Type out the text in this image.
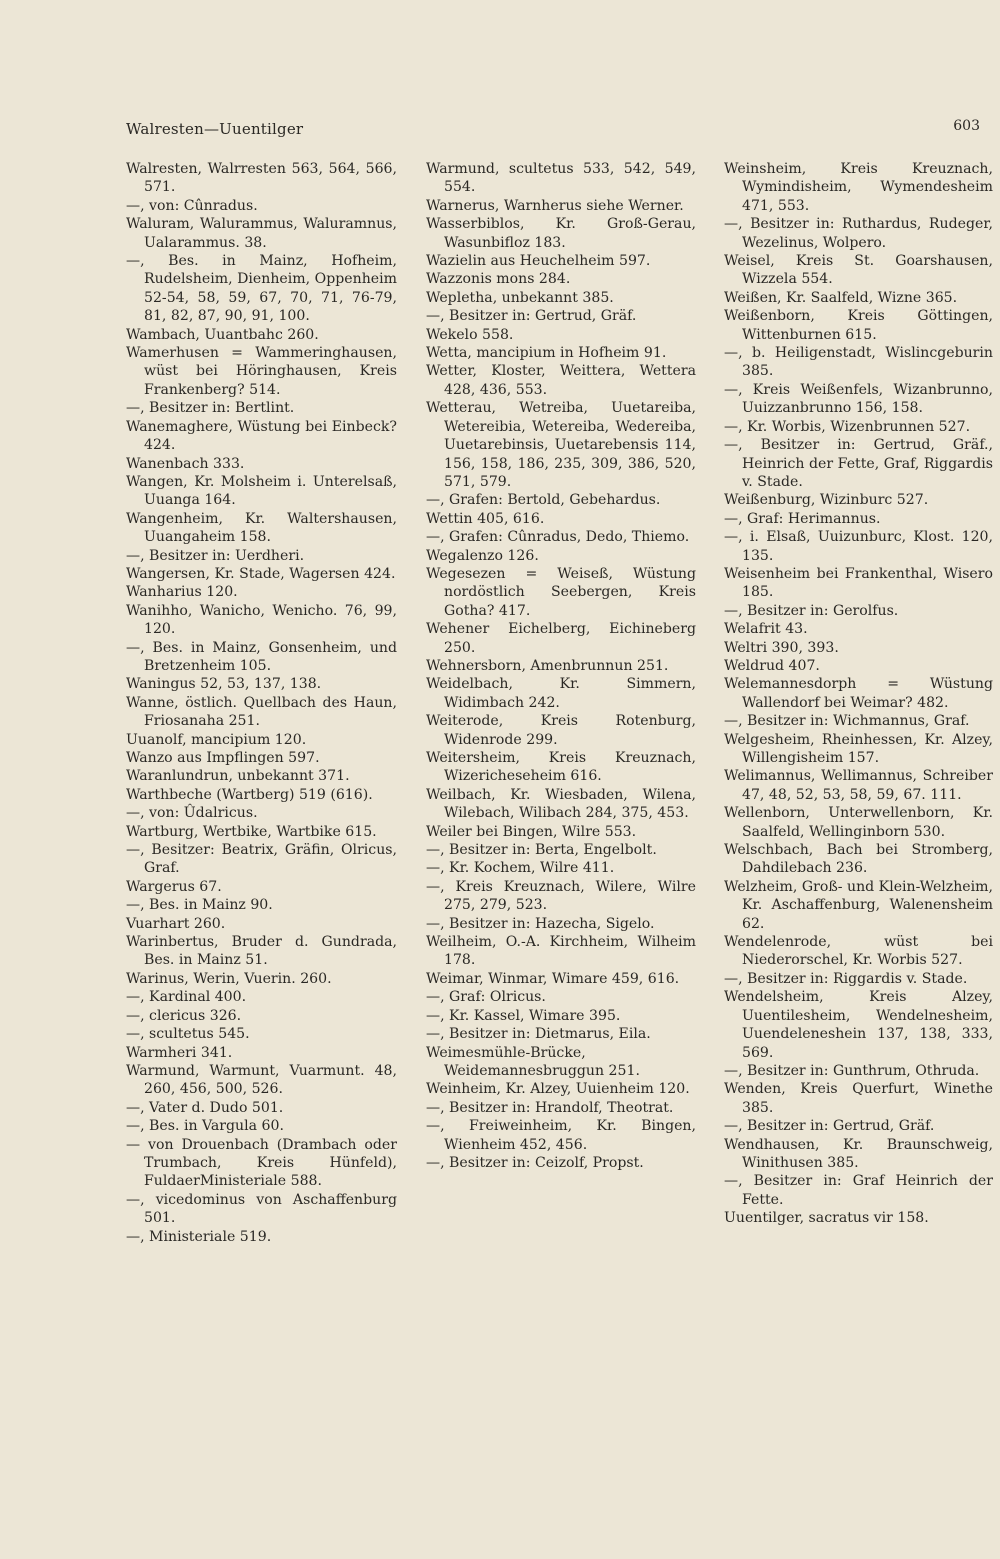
Walresten—Uuentilger	603

Walresten, Walrresten 563, 564, 566, 571.

—, von: Cûnradus.

Waluram, Walurammus, Waluramnus, Ualarammus. 38.

—, Bes. in Mainz, Hofheim, Rudelsheim, Dienheim, Oppenheim 52-54, 58, 59, 67, 70, 71, 76-79, 81, 82, 87, 90, 91, 100.

Wambach, Uuantbahc 260.

Wamerhusen = Wammeringhausen, wüst bei Höringhausen, Kreis Frankenberg? 514.

—, Besitzer in: Bertlint.

Wanemaghere, Wüstung bei Einbeck? 424.

Wanenbach 333.

Wangen, Kr. Molsheim i. Unterelsaß, Uuanga 164.

Wangenheim, Kr. Waltershausen, Uuangaheim 158.

—, Besitzer in: Uerdheri.

Wangersen, Kr. Stade, Wagersen 424.

Wanharius 120.

Wanihho, Wanicho, Wenicho. 76, 99, 120.

—, Bes. in Mainz, Gonsenheim, und Bretzenheim 105.

Waningus 52, 53, 137, 138.

Wanne, östlich. Quellbach des Haun, Friosanaha 251.

Uuanolf, mancipium 120.

Wanzo aus Impflingen 597.

Waranlundrun, unbekannt 371.

Warthbeche (Wartberg) 519 (616).

—, von: Ûdalricus.

Wartburg, Wertbike, Wartbike 615.

—, Besitzer: Beatrix, Gräfin, Olricus, Graf.

Wargerus 67.

—, Bes. in Mainz 90.

Vuarhart 260.

Warinbertus, Bruder d. Gundrada, Bes. in Mainz 51.

Warinus, Werin, Vuerin. 260.

—, Kardinal 400.

—, clericus 326.

—, scultetus 545.

Warmheri 341.

Warmund, Warmunt, Vuarmunt. 48, 260, 456, 500, 526.

—, Vater d. Dudo 501.

—, Bes. in Vargula 60.

— von Drouenbach (Drambach oder Trumbach, Kreis Hünfeld), FuldaerMinisteriale 588.

—, vicedominus von Aschaffenburg 501.

—, Ministeriale 519.

Warmund, scultetus 533, 542, 549, 554.

Warnerus, Warnherus siehe Werner.

Wasserbiblos, Kr. Groß-Gerau, Wasunbifloz 183.

Wazielin aus Heuchelheim 597.

Wazzonis mons 284.

Wepletha, unbekannt 385.

—, Besitzer in: Gertrud, Gräf.

Wekelo 558.

Wetta, mancipium in Hofheim 91.

Wetter, Kloster, Weittera, Wettera 428, 436, 553.

Wetterau, Wetreiba, Uuetareiba, Wetereibia, Wetereiba, Wedereiba, Uuetarebinsis, Uuetarebensis 114, 156, 158, 186, 235, 309, 386, 520, 571, 579.

—, Grafen: Bertold, Gebehardus.

Wettin 405, 616.

—, Grafen: Cûnradus, Dedo, Thiemo.

Wegalenzo 126.

Wegesezen = Weiseß, Wüstung nordöstlich Seebergen, Kreis Gotha? 417.

Wehener Eichelberg, Eichineberg 250.

Wehnersborn, Amenbrunnun 251.

Weidelbach, Kr. Simmern, Widimbach 242.

Weiterode, Kreis Rotenburg, Widenrode 299.

Weitersheim, Kreis Kreuznach, Wizericheseheim 616.

Weilbach, Kr. Wiesbaden, Wilena, Wilebach, Wilibach 284, 375, 453.

Weiler bei Bingen, Wilre 553.

—, Besitzer in: Berta, Engelbolt.

—, Kr. Kochem, Wilre 411.

—, Kreis Kreuznach, Wilere, Wilre 275, 279, 523.

—, Besitzer in: Hazecha, Sigelo.

Weilheim, O.-A. Kirchheim, Wilheim 178.

Weimar, Winmar, Wimare 459, 616.

—, Graf: Olricus.

—, Kr. Kassel, Wimare 395.

—, Besitzer in: Dietmarus, Eila.

Weimesmühle-Brücke, Weidemannesbruggun 251.

Weinheim, Kr. Alzey, Uuienheim 120.

—, Besitzer in: Hrandolf, Theotrat.

—, Freiweinheim, Kr. Bingen, Wienheim 452, 456.

—, Besitzer in: Ceizolf, Propst.

Weinsheim, Kreis Kreuznach, Wymindisheim, Wymendesheim 471, 553.

—, Besitzer in: Ruthardus, Rudeger, Wezelinus, Wolpero.

Weisel, Kreis St. Goarshausen, Wizzela 554.

Weißen, Kr. Saalfeld, Wizne 365.

Weißenborn, Kreis Göttingen, Wittenburnen 615.

—, b. Heiligenstadt, Wislincgeburin 385.

—, Kreis Weißenfels, Wizanbrunno, Uuizzanbrunno 156, 158.

—, Kr. Worbis, Wizenbrunnen 527.

—, Besitzer in: Gertrud, Gräf., Heinrich der Fette, Graf, Riggardis v. Stade.

Weißenburg, Wizinburc 527.

—, Graf: Herimannus.

—, i. Elsaß, Uuizunburc, Klost. 120, 135.

Weisenheim bei Frankenthal, Wisero 185.

—, Besitzer in: Gerolfus.

Welafrit 43.

Weltri 390, 393.

Weldrud 407.

Welemannesdorph = Wüstung Wallendorf bei Weimar? 482.

—, Besitzer in: Wichmannus, Graf.

Welgesheim, Rheinhessen, Kr. Alzey, Willengisheim 157.

Welimannus, Wellimannus, Schreiber 47, 48, 52, 53, 58, 59, 67. 111.

Wellenborn, Unterwellenborn, Kr. Saalfeld, Wellinginborn 530.

Welschbach, Bach bei Stromberg, Dahdilebach 236.

Welzheim, Groß- und Klein-Welzheim, Kr. Aschaffenburg, Walenensheim 62.

Wendelenrode, wüst bei Niederorschel, Kr. Worbis 527.

—, Besitzer in: Riggardis v. Stade.

Wendelsheim, Kreis Alzey, Uuentilesheim, Wendelnesheim, Uuendeleneshein 137, 138, 333, 569.

—, Besitzer in: Gunthrum, Othruda.

Wenden, Kreis Querfurt, Winethe 385.

—, Besitzer in: Gertrud, Gräf.

Wendhausen, Kr. Braunschweig, Winithusen 385.

—, Besitzer in: Graf Heinrich der Fette.

Uuentilger, sacratus vir 158.
